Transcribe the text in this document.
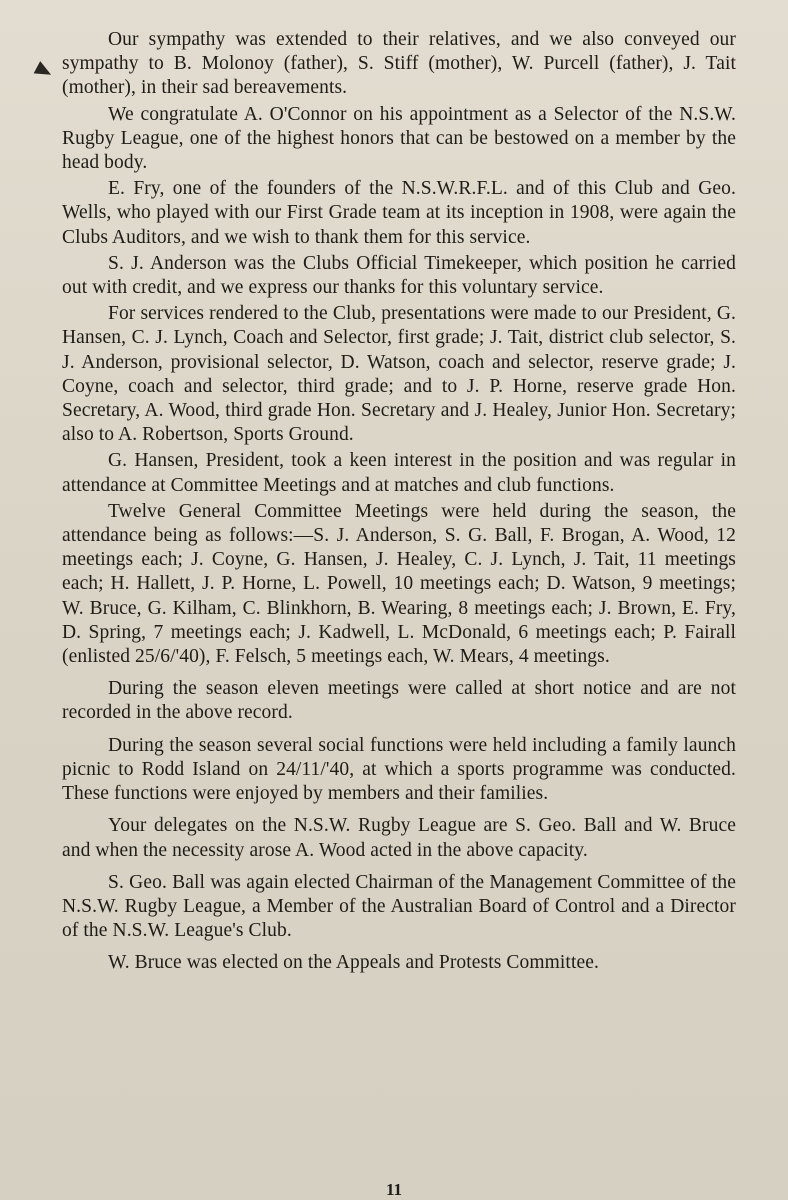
Our sympathy was extended to their relatives, and we also conveyed our sympathy to B. Molonoy (father), S. Stiff (mother), W. Purcell (father), J. Tait (mother), in their sad bereavements.

We congratulate A. O'Connor on his appointment as a Selector of the N.S.W. Rugby League, one of the highest honors that can be bestowed on a member by the head body.

E. Fry, one of the founders of the N.S.W.R.F.L. and of this Club and Geo. Wells, who played with our First Grade team at its inception in 1908, were again the Clubs Auditors, and we wish to thank them for this service.

S. J. Anderson was the Clubs Official Timekeeper, which position he carried out with credit, and we express our thanks for this voluntary service.

For services rendered to the Club, presentations were made to our President, G. Hansen, C. J. Lynch, Coach and Selector, first grade; J. Tait, district club selector, S. J. Anderson, provisional selector, D. Watson, coach and selector, reserve grade; J. Coyne, coach and selector, third grade; and to J. P. Horne, reserve grade Hon. Secretary, A. Wood, third grade Hon. Secretary and J. Healey, Junior Hon. Secretary; also to A. Robertson, Sports Ground.

G. Hansen, President, took a keen interest in the position and was regular in attendance at Committee Meetings and at matches and club functions.

Twelve General Committee Meetings were held during the season, the attendance being as follows:—S. J. Anderson, S. G. Ball, F. Brogan, A. Wood, 12 meetings each; J. Coyne, G. Hansen, J. Healey, C. J. Lynch, J. Tait, 11 meetings each; H. Hallett, J. P. Horne, L. Powell, 10 meetings each; D. Watson, 9 meetings; W. Bruce, G. Kilham, C. Blinkhorn, B. Wearing, 8 meetings each; J. Brown, E. Fry, D. Spring, 7 meetings each; J. Kadwell, L. McDonald, 6 meetings each; P. Fairall (enlisted 25/6/'40), F. Felsch, 5 meetings each, W. Mears, 4 meetings.

During the season eleven meetings were called at short notice and are not recorded in the above record.

During the season several social functions were held including a family launch picnic to Rodd Island on 24/11/'40, at which a sports programme was conducted. These functions were enjoyed by members and their families.

Your delegates on the N.S.W. Rugby League are S. Geo. Ball and W. Bruce and when the necessity arose A. Wood acted in the above capacity.

S. Geo. Ball was again elected Chairman of the Management Committee of the N.S.W. Rugby League, a Member of the Australian Board of Control and a Director of the N.S.W. League's Club.

W. Bruce was elected on the Appeals and Protests Committee.

11
